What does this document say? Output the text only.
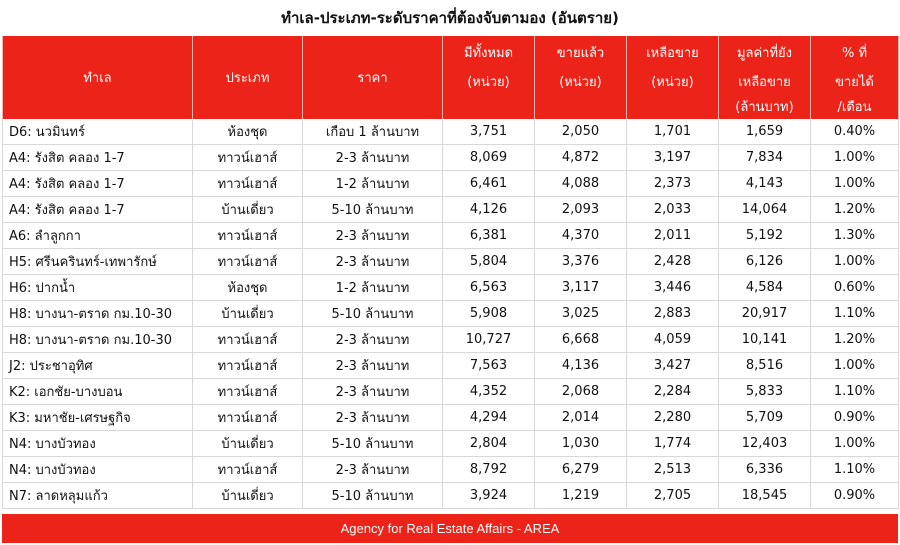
ทำเล-ประเภท-ระดับราคาที่ต้องจับตามอง (อันตราย)
ทำเล	ประเภท	ราคา	มีทั้งหมด	ขายแล้ว	เหลือขาย	มูลค่าที่ยัง	% ที่
			(หน่วย)	(หน่วย)	(หน่วย)	เหลือขาย	ขายได้
						(ล้านบาท)	/เดือน
D6: นวมินทร์	ห้องชุด	เกือบ 1 ล้านบาท	3,751	2,050	1,701	1,659	0.40%
A4: รังสิต คลอง 1-7	ทาวน์เฮาส์	2-3 ล้านบาท	8,069	4,872	3,197	7,834	1.00%
A4: รังสิต คลอง 1-7	ทาวน์เฮาส์	1-2 ล้านบาท	6,461	4,088	2,373	4,143	1.00%
A4: รังสิต คลอง 1-7	บ้านเดี่ยว	5-10 ล้านบาท	4,126	2,093	2,033	14,064	1.20%
A6: ลำลูกกา	ทาวน์เฮาส์	2-3 ล้านบาท	6,381	4,370	2,011	5,192	1.30%
H5: ศรีนครินทร์-เทพารักษ์	ทาวน์เฮาส์	2-3 ล้านบาท	5,804	3,376	2,428	6,126	1.00%
H6: ปากน้ำ	ห้องชุด	1-2 ล้านบาท	6,563	3,117	3,446	4,584	0.60%
H8: บางนา-ตราด กม.10-30	บ้านเดี่ยว	5-10 ล้านบาท	5,908	3,025	2,883	20,917	1.10%
H8: บางนา-ตราด กม.10-30	ทาวน์เฮาส์	2-3 ล้านบาท	10,727	6,668	4,059	10,141	1.20%
J2: ประชาอุทิศ	ทาวน์เฮาส์	2-3 ล้านบาท	7,563	4,136	3,427	8,516	1.00%
K2: เอกชัย-บางบอน	ทาวน์เฮาส์	2-3 ล้านบาท	4,352	2,068	2,284	5,833	1.10%
K3: มหาชัย-เศรษฐกิจ	ทาวน์เฮาส์	2-3 ล้านบาท	4,294	2,014	2,280	5,709	0.90%
N4: บางบัวทอง	บ้านเดี่ยว	5-10 ล้านบาท	2,804	1,030	1,774	12,403	1.00%
N4: บางบัวทอง	ทาวน์เฮาส์	2-3 ล้านบาท	8,792	6,279	2,513	6,336	1.10%
N7: ลาดหลุมแก้ว	บ้านเดี่ยว	5-10 ล้านบาท	3,924	1,219	2,705	18,545	0.90%
Agency for Real Estate Affairs - AREA
